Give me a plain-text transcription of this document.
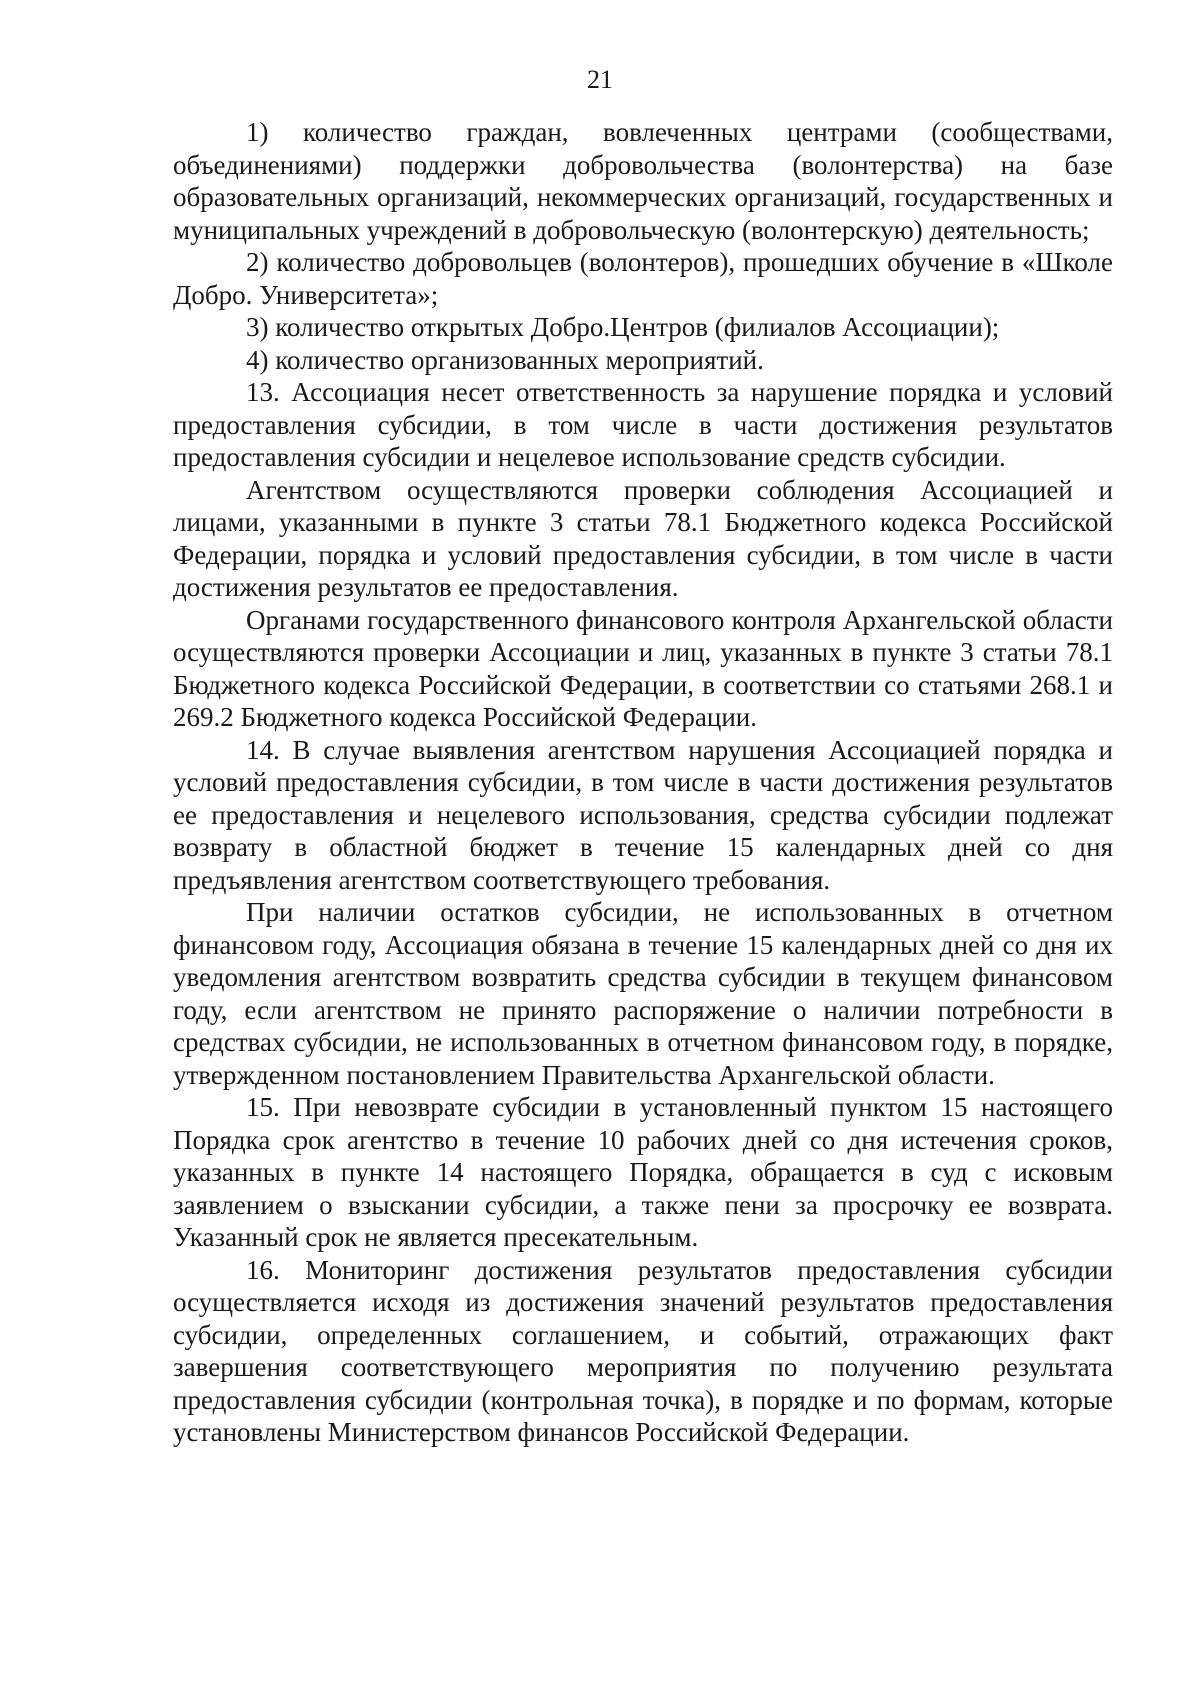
21

1) количество граждан, вовлеченных центрами (сообществами, объединениями) поддержки добровольчества (волонтерства) на базе образовательных организаций, некоммерческих организаций, государственных и муниципальных учреждений в добровольческую (волонтерскую) деятельность;

2) количество добровольцев (волонтеров), прошедших обучение в «Школе Добро. Университета»;

3) количество открытых Добро.Центров (филиалов Ассоциации);

4) количество организованных мероприятий.

13. Ассоциация несет ответственность за нарушение порядка и условий предоставления субсидии, в том числе в части достижения результатов предоставления субсидии и нецелевое использование средств субсидии.

Агентством осуществляются проверки соблюдения Ассоциацией и лицами, указанными в пункте 3 статьи 78.1 Бюджетного кодекса Российской Федерации, порядка и условий предоставления субсидии, в том числе в части достижения результатов ее предоставления.

Органами государственного финансового контроля Архангельской области осуществляются проверки Ассоциации и лиц, указанных в пункте 3 статьи 78.1 Бюджетного кодекса Российской Федерации, в соответствии со статьями 268.1 и 269.2 Бюджетного кодекса Российской Федерации.

14. В случае выявления агентством нарушения Ассоциацией порядка и условий предоставления субсидии, в том числе в части достижения результатов ее предоставления и нецелевого использования, средства субсидии подлежат возврату в областной бюджет в течение 15 календарных дней со дня предъявления агентством соответствующего требования.

При наличии остатков субсидии, не использованных в отчетном финансовом году, Ассоциация обязана в течение 15 календарных дней со дня их уведомления агентством возвратить средства субсидии в текущем финансовом году, если агентством не принято распоряжение о наличии потребности в средствах субсидии, не использованных в отчетном финансовом году, в порядке, утвержденном постановлением Правительства Архангельской области.

15. При невозврате субсидии в установленный пунктом 15 настоящего Порядка срок агентство в течение 10 рабочих дней со дня истечения сроков, указанных в пункте 14 настоящего Порядка, обращается в суд с исковым заявлением о взыскании субсидии, а также пени за просрочку ее возврата. Указанный срок не является пресекательным.

16. Мониторинг достижения результатов предоставления субсидии осуществляется исходя из достижения значений результатов предоставления субсидии, определенных соглашением, и событий, отражающих факт завершения соответствующего мероприятия по получению результата предоставления субсидии (контрольная точка), в порядке и по формам, которые установлены Министерством финансов Российской Федерации.
